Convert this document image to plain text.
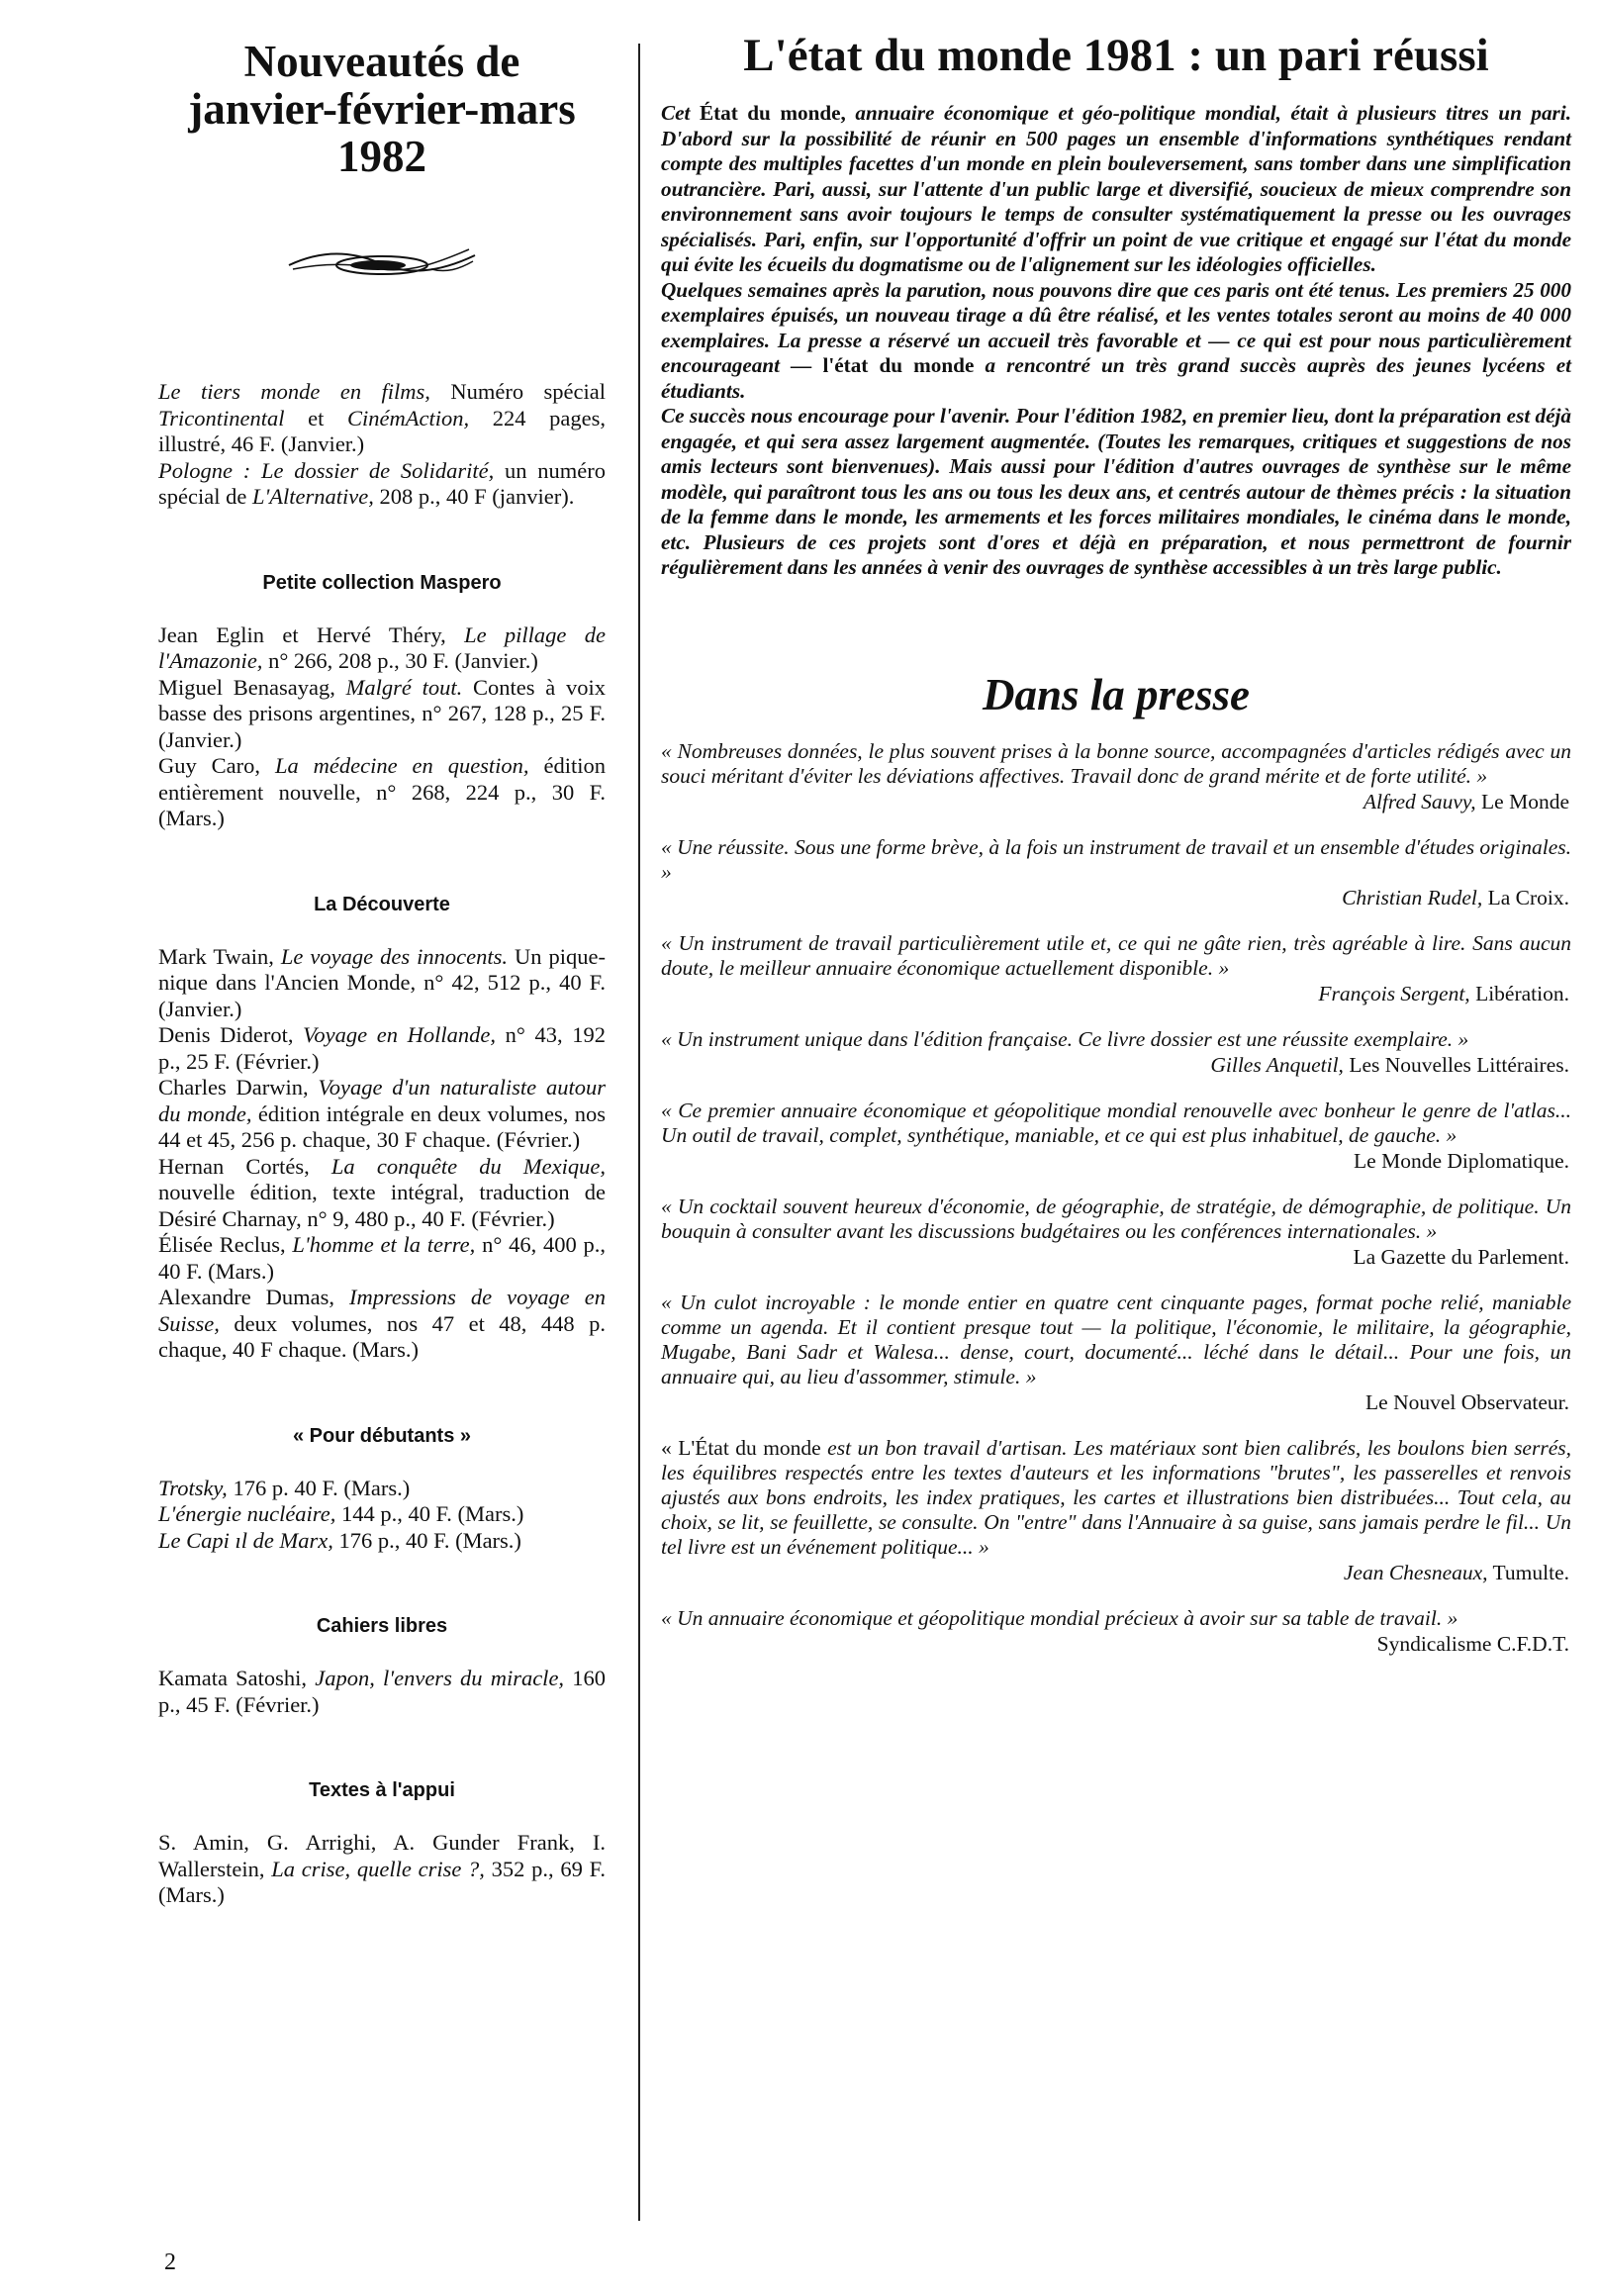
Nouveautés de
janvier-février-mars
1982

Le tiers monde en films, Numéro spécial Tricontinental et CinémAction, 224 pages, illustré, 46 F. (Janvier.)

Pologne : Le dossier de Solidarité, un numéro spécial de L'Alternative, 208 p., 40 F (janvier).

Petite collection Maspero

Jean Eglin et Hervé Théry, Le pillage de l'Amazonie, n° 266, 208 p., 30 F. (Janvier.)

Miguel Benasayag, Malgré tout. Contes à voix basse des prisons argentines, n° 267, 128 p., 25 F. (Janvier.)

Guy Caro, La médecine en question, édition entièrement nouvelle, n° 268, 224 p., 30 F. (Mars.)

La Découverte

Mark Twain, Le voyage des innocents. Un pique-nique dans l'Ancien Monde, n° 42, 512 p., 40 F. (Janvier.)

Denis Diderot, Voyage en Hollande, n° 43, 192 p., 25 F. (Février.)

Charles Darwin, Voyage d'un naturaliste autour du monde, édition intégrale en deux volumes, nos 44 et 45, 256 p. chaque, 30 F chaque. (Février.)

Hernan Cortés, La conquête du Mexique, nouvelle édition, texte intégral, traduction de Désiré Charnay, n° 9, 480 p., 40 F. (Février.)

Élisée Reclus, L'homme et la terre, n° 46, 400 p., 40 F. (Mars.)

Alexandre Dumas, Impressions de voyage en Suisse, deux volumes, nos 47 et 48, 448 p. chaque, 40 F chaque. (Mars.)

« Pour débutants »

Trotsky, 176 p. 40 F. (Mars.)

L'énergie nucléaire, 144 p., 40 F. (Mars.)

Le Capi ıl de Marx, 176 p., 40 F. (Mars.)

Cahiers libres

Kamata Satoshi, Japon, l'envers du miracle, 160 p., 45 F. (Février.)

Textes à l'appui

S. Amin, G. Arrighi, A. Gunder Frank, I. Wallerstein, La crise, quelle crise ?, 352 p., 69 F. (Mars.)

L'état du monde 1981 : un pari réussi

Cet État du monde, annuaire économique et géo-politique mondial, était à plusieurs titres un pari. D'abord sur la possibilité de réunir en 500 pages un ensemble d'informations synthétiques rendant compte des multiples facettes d'un monde en plein bouleversement, sans tomber dans une simplification outrancière. Pari, aussi, sur l'attente d'un public large et diversifié, soucieux de mieux comprendre son environnement sans avoir toujours le temps de consulter systématiquement la presse ou les ouvrages spécialisés. Pari, enfin, sur l'opportunité d'offrir un point de vue critique et engagé sur l'état du monde qui évite les écueils du dogmatisme ou de l'alignement sur les idéologies officielles.

Quelques semaines après la parution, nous pouvons dire que ces paris ont été tenus. Les premiers 25 000 exemplaires épuisés, un nouveau tirage a dû être réalisé, et les ventes totales seront au moins de 40 000 exemplaires. La presse a réservé un accueil très favorable et — ce qui est pour nous particulièrement encourageant — l'état du monde a rencontré un très grand succès auprès des jeunes lycéens et étudiants.

Ce succès nous encourage pour l'avenir. Pour l'édition 1982, en premier lieu, dont la préparation est déjà engagée, et qui sera assez largement augmentée. (Toutes les remarques, critiques et suggestions de nos amis lecteurs sont bienvenues). Mais aussi pour l'édition d'autres ouvrages de synthèse sur le même modèle, qui paraîtront tous les ans ou tous les deux ans, et centrés autour de thèmes précis : la situation de la femme dans le monde, les armements et les forces militaires mondiales, le cinéma dans le monde, etc. Plusieurs de ces projets sont d'ores et déjà en préparation, et nous permettront de fournir régulièrement dans les années à venir des ouvrages de synthèse accessibles à un très large public.

Dans la presse

« Nombreuses données, le plus souvent prises à la bonne source, accompagnées d'articles rédigés avec un souci méritant d'éviter les déviations affectives. Travail donc de grand mérite et de forte utilité. »

Alfred Sauvy, Le Monde

« Une réussite. Sous une forme brève, à la fois un instrument de travail et un ensemble d'études originales. »

Christian Rudel, La Croix.

« Un instrument de travail particulièrement utile et, ce qui ne gâte rien, très agréable à lire. Sans aucun doute, le meilleur annuaire économique actuellement disponible. »

François Sergent, Libération.

« Un instrument unique dans l'édition française. Ce livre dossier est une réussite exemplaire. »

Gilles Anquetil, Les Nouvelles Littéraires.

« Ce premier annuaire économique et géopolitique mondial renouvelle avec bonheur le genre de l'atlas... Un outil de travail, complet, synthétique, maniable, et ce qui est plus inhabituel, de gauche. »

Le Monde Diplomatique.

« Un cocktail souvent heureux d'économie, de géographie, de stratégie, de démographie, de politique. Un bouquin à consulter avant les discussions budgétaires ou les conférences internationales. »

La Gazette du Parlement.

« Un culot incroyable : le monde entier en quatre cent cinquante pages, format poche relié, maniable comme un agenda. Et il contient presque tout — la politique, l'économie, le militaire, la géographie, Mugabe, Bani Sadr et Walesa... dense, court, documenté... léché dans le détail... Pour une fois, un annuaire qui, au lieu d'assommer, stimule. »

Le Nouvel Observateur.

« L'État du monde est un bon travail d'artisan. Les matériaux sont bien calibrés, les boulons bien serrés, les équilibres respectés entre les textes d'auteurs et les informations "brutes", les passerelles et renvois ajustés aux bons endroits, les index pratiques, les cartes et illustrations bien distribuées... Tout cela, au choix, se lit, se feuillette, se consulte. On "entre" dans l'Annuaire à sa guise, sans jamais perdre le fil... Un tel livre est un événement politique... »

Jean Chesneaux, Tumulte.

« Un annuaire économique et géopolitique mondial précieux à avoir sur sa table de travail. »

Syndicalisme C.F.D.T.

2
